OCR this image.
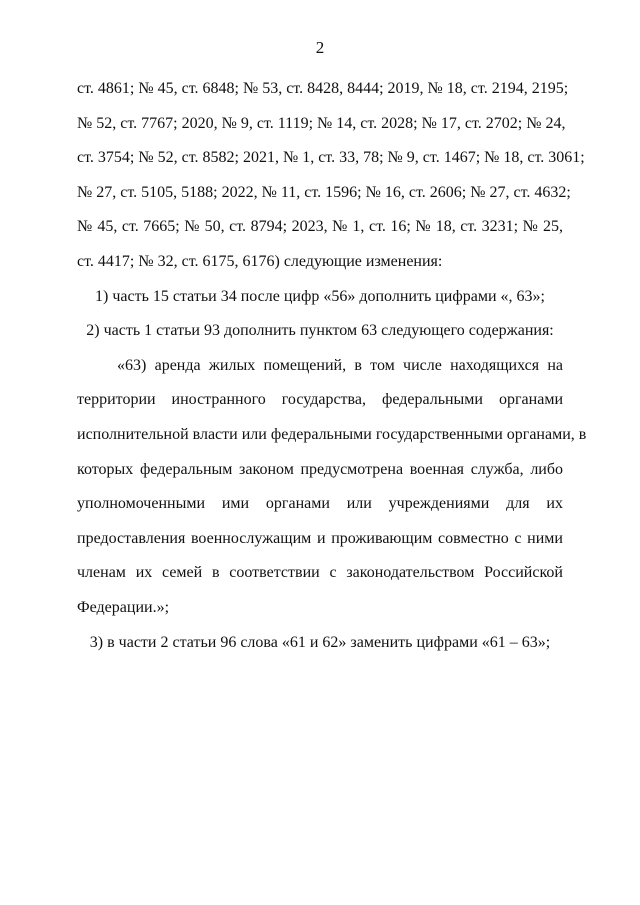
2
ст. 4861; № 45, ст. 6848; № 53, ст. 8428, 8444; 2019, № 18, ст. 2194, 2195;
№ 52, ст. 7767; 2020, № 9, ст. 1119; № 14, ст. 2028; № 17, ст. 2702; № 24,
ст. 3754; № 52, ст. 8582; 2021, № 1, ст. 33, 78; № 9, ст. 1467; № 18, ст. 3061;
№ 27, ст. 5105, 5188; 2022, № 11, ст. 1596; № 16, ст. 2606; № 27, ст. 4632;
№ 45, ст. 7665; № 50, ст. 8794; 2023, № 1, ст. 16; № 18, ст. 3231; № 25,
ст. 4417; № 32, ст. 6175, 6176) следующие изменения:
1) часть 15 статьи 34 после цифр «56» дополнить цифрами «, 63»;
2) часть 1 статьи 93 дополнить пунктом 63 следующего содержания:
«63) аренда жилых помещений, в том числе находящихся на
территории иностранного государства, федеральными органами
исполнительной власти или федеральными государственными органами, в
которых федеральным законом предусмотрена военная служба, либо
уполномоченными ими органами или учреждениями для их
предоставления военнослужащим и проживающим совместно с ними
членам их семей в соответствии с законодательством Российской
Федерации.»;
3) в части 2 статьи 96 слова «61 и 62» заменить цифрами «61 – 63»;
